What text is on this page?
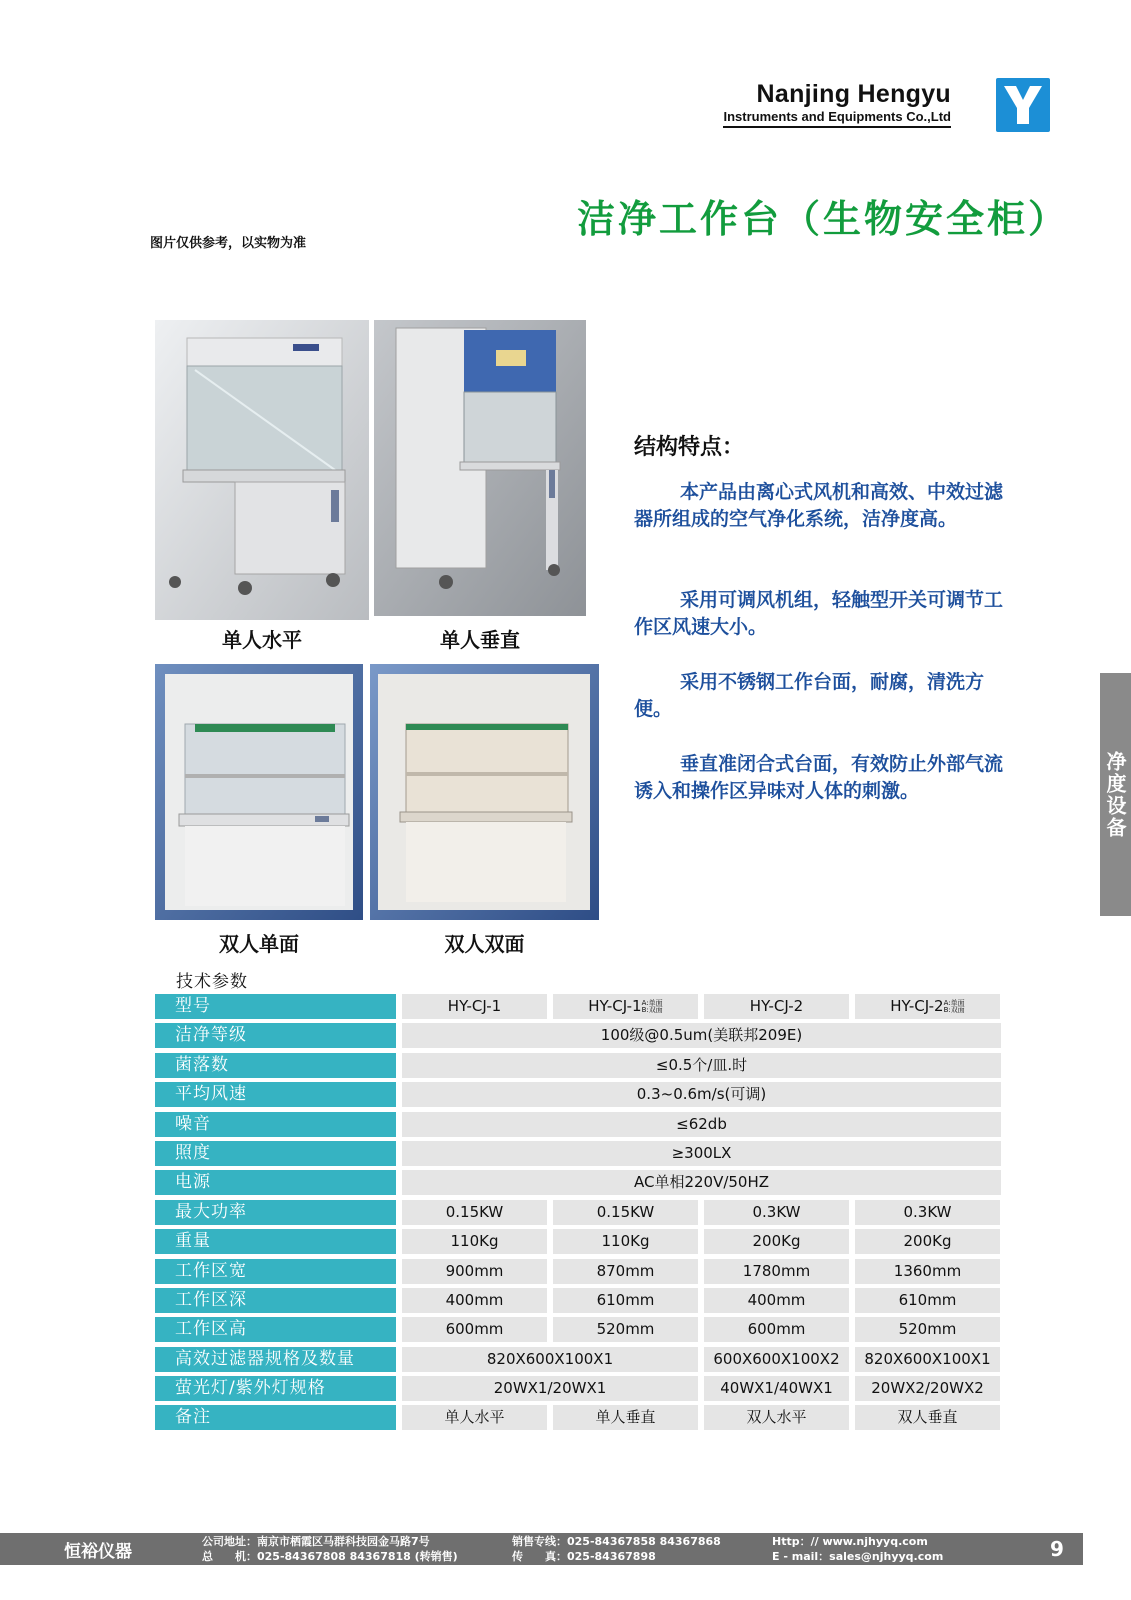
Nanjing Hengyu
Instruments and Equipments Co.,Ltd
洁净工作台（生物安全柜）
图片仅供参考，以实物为准
单人水平	单人垂直
双人单面	双人双面
结构特点：

本产品由离心式风机和高效、中效过滤器所组成的空气净化系统，洁净度高。

采用可调风机组，轻触型开关可调节工作区风速大小。

采用不锈钢工作台面，耐腐，清洗方便。

垂直准闭合式台面，有效防止外部气流诱入和操作区异味对人体的刺激。	净度设备
技术参数
型号	HY-CJ-1	HY-CJ-1A:单面
B:双面	HY-CJ-2	HY-CJ-2A:单面
B:双面
洁净等级	100级@0.5um(美联邦209E)
菌落数	≤0.5个/皿.时
平均风速	0.3~0.6m/s(可调)
噪音	≤62db
照度	≥300LX
电源	AC单相220V/50HZ
最大功率	0.15KW	0.15KW	0.3KW	0.3KW
重量	110Kg	110Kg	200Kg	200Kg
工作区宽	900mm	870mm	1780mm	1360mm
工作区深	400mm	610mm	400mm	610mm
工作区高	600mm	520mm	600mm	520mm
高效过滤器规格及数量	820X600X100X1	600X600X100X2	820X600X100X1
萤光灯/紫外灯规格	20WX1/20WX1	40WX1/40WX1	20WX2/20WX2
备注	单人水平	单人垂直	双人水平	双人垂直
恒裕仪器
公司地址：南京市栖霞区马群科技园金马路7号
总　　机：025-84367808 84367818 (转销售)
销售专线：025-84367858 84367868
传　　真：025-84367898
Http：// www.njhyyq.com
E - mail：sales@njhyyq.com	9
